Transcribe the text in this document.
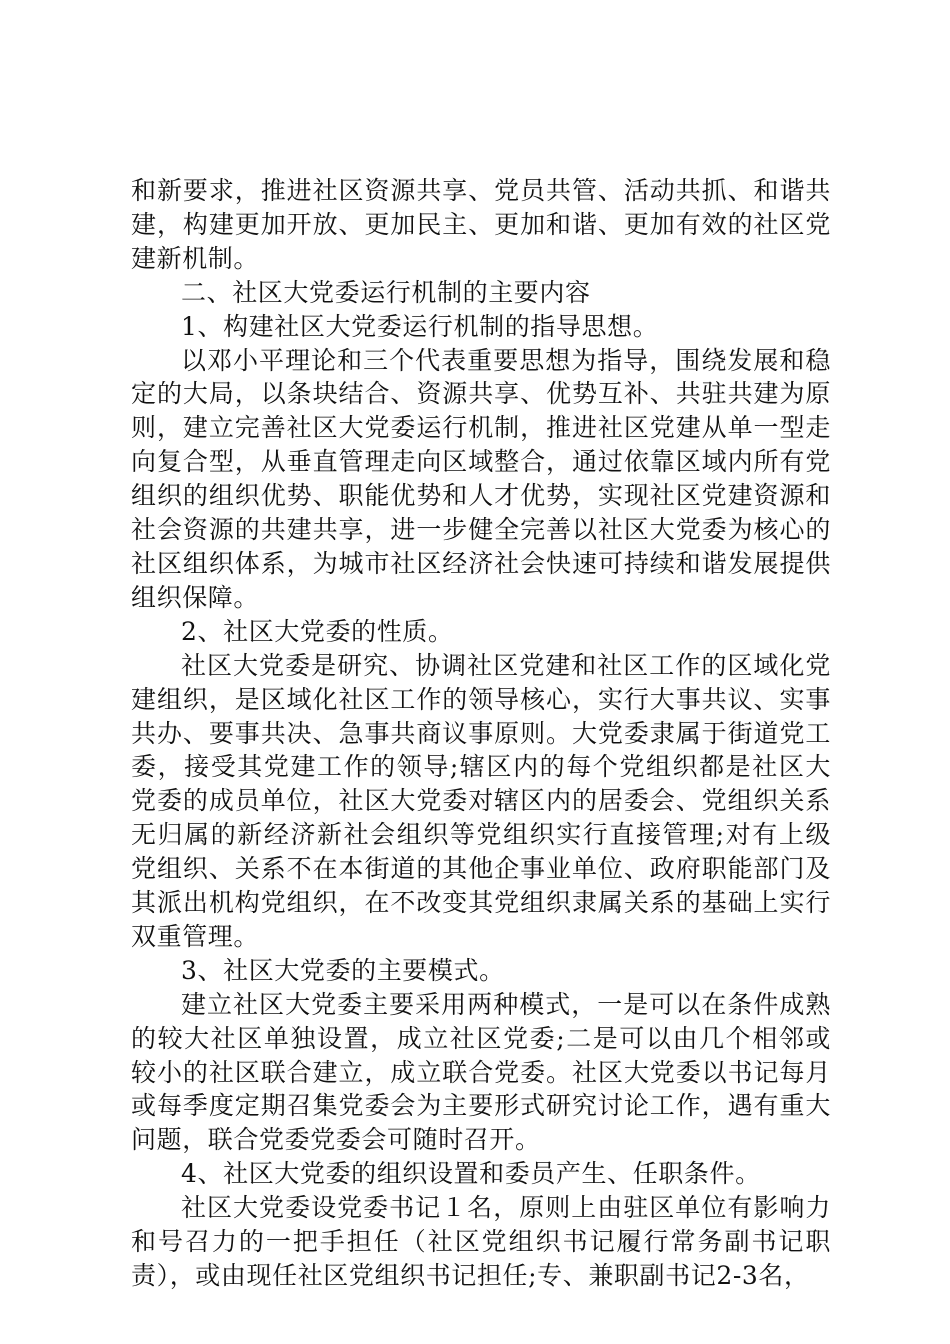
和新要求，推进社区资源共享、党员共管、活动共抓、和谐共建，构建更加开放、更加民主、更加和谐、更加有效的社区党建新机制。

二、社区大党委运行机制的主要内容

1、构建社区大党委运行机制的指导思想。

以邓小平理论和三个代表重要思想为指导，围绕发展和稳定的大局，以条块结合、资源共享、优势互补、共驻共建为原则，建立完善社区大党委运行机制，推进社区党建从单一型走向复合型，从垂直管理走向区域整合，通过依靠区域内所有党组织的组织优势、职能优势和人才优势，实现社区党建资源和社会资源的共建共享，进一步健全完善以社区大党委为核心的社区组织体系，为城市社区经济社会快速可持续和谐发展提供组织保障。

2、社区大党委的性质。

社区大党委是研究、协调社区党建和社区工作的区域化党建组织，是区域化社区工作的领导核心，实行大事共议、实事共办、要事共决、急事共商议事原则。大党委隶属于街道党工委，接受其党建工作的领导;辖区内的每个党组织都是社区大党委的成员单位，社区大党委对辖区内的居委会、党组织关系无归属的新经济新社会组织等党组织实行直接管理;对有上级党组织、关系不在本街道的其他企事业单位、政府职能部门及其派出机构党组织，在不改变其党组织隶属关系的基础上实行双重管理。

3、社区大党委的主要模式。

建立社区大党委主要采用两种模式，一是可以在条件成熟的较大社区单独设置，成立社区党委;二是可以由几个相邻或较小的社区联合建立，成立联合党委。社区大党委以书记每月或每季度定期召集党委会为主要形式研究讨论工作，遇有重大问题，联合党委党委会可随时召开。

4、社区大党委的组织设置和委员产生、任职条件。

社区大党委设党委书记１名，原则上由驻区单位有影响力和号召力的一把手担任（社区党组织书记履行常务副书记职责），或由现任社区党组织书记担任;专、兼职副书记2-3名，
